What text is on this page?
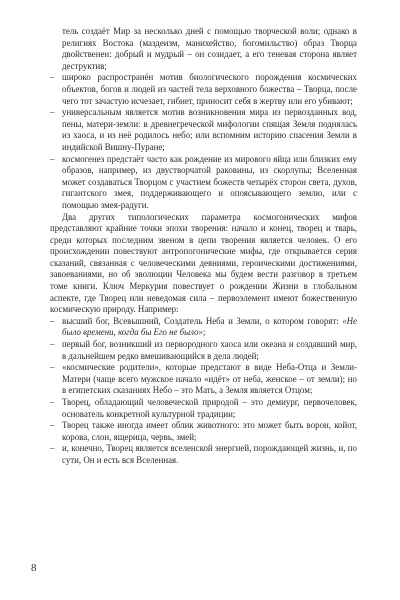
тель создаёт Мир за несколько дней с помощью творческой воли; однако в религиях Востока (маздеизм, манихейство, богомильство) образ Творца двойственен: добрый и мудрый – он созидает, а его теневая сторона являет деструктив;

– широко распространён мотив биологического порождения космических объектов, богов и людей из частей тела верховного божества – Творца, после чего тот зачастую исчезает, гибнет, приносит себя в жертву или его убивают;
– универсальным является мотив возникновения мира из первозданных вод, пены, матери-земли: в древнегреческой мифологии спящая Земля поднялась из хаоса, и из неё родилось небо; или вспомним историю спасения Земли в индийской Вишну-Пуране;
– космогенез предстаёт часто как рождение из мирового яйца или близких ему образов, например, из двустворчатой раковины, из скорлупы; Вселенная может создаваться Творцом с участием божеств четырёх сторон света, духов, гигантского змея, поддерживающего и опоясывающего землю, или с помощью змея-радуги.

Два других типологических параметра космогонических мифов представляют крайние точки эпохи творения: начало и конец, творец и тварь, среди которых последним звеном в цепи творения является человек. О его происхождении повествуют антропогонические мифы, где открывается серия сказаний, связанная с человеческими деяниями, героическими достижениями, завоеваниями, но об эволюции Человека мы будем вести разговор в третьем томе книги. Ключ Меркурия повествует о рождении Жизни в глобальном аспекте, где Творец или неведомая сила – первоэлемент имеют божественную космическую природу. Например:

– высший бог, Всевышний, Создатель Неба и Земли, о котором говорят: «Не было времени, когда бы Его не было»;
– первый бог, возникший из первородного хаоса или океана и создавший мир, в дальнейшем редко вмешивающийся в дела людей;
– «космические родители», которые предстают в виде Неба-Отца и Земли-Матери (чаще всего мужское начало «идёт» от неба, женское – от земли); но в египетских сказаниях Небо – это Мать, а Земля является Отцом;
– Творец, обладающий человеческой природой – это демиург, первочеловек, основатель конкретной культурной традиции;
– Творец также иногда имеет облик животного: это может быть ворон, койот, корова, слон, ящерица, червь, змей;
– и, конечно, Творец является вселенской энергией, порождающей жизнь, и, по сути, Он и есть вся Вселенная.
8
